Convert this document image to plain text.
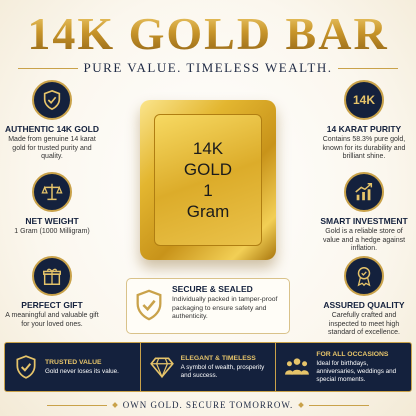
14K GOLD BAR
PURE VALUE. TIMELESS WEALTH.
AUTHENTIC 14K GOLD
Made from genuine 14 karat gold for trusted purity and quality.
NET WEIGHT
1 Gram (1000 Milligram)
PERFECT GIFT
A meaningful and valuable gift for your loved ones.
14K
14 KARAT PURITY
Contains 58.3% pure gold, known for its durability and brilliant shine.
SMART INVESTMENT
Gold is a reliable store of value and a hedge against inflation.
ASSURED QUALITY
Carefully crafted and inspected to meet high standard of excellence.
14K
GOLD
1
Gram
SECURE & SEALED
Individually packed in tamper-proof packaging to ensure safety and authenticity.
TRUSTED VALUE
Gold never loses its value.
ELEGANT & TIMELESS
A symbol of wealth, prosperity and success.
FOR ALL OCCASIONS
Ideal for birthdays, anniversaries, weddings and special moments.
OWN GOLD. SECURE TOMORROW.
